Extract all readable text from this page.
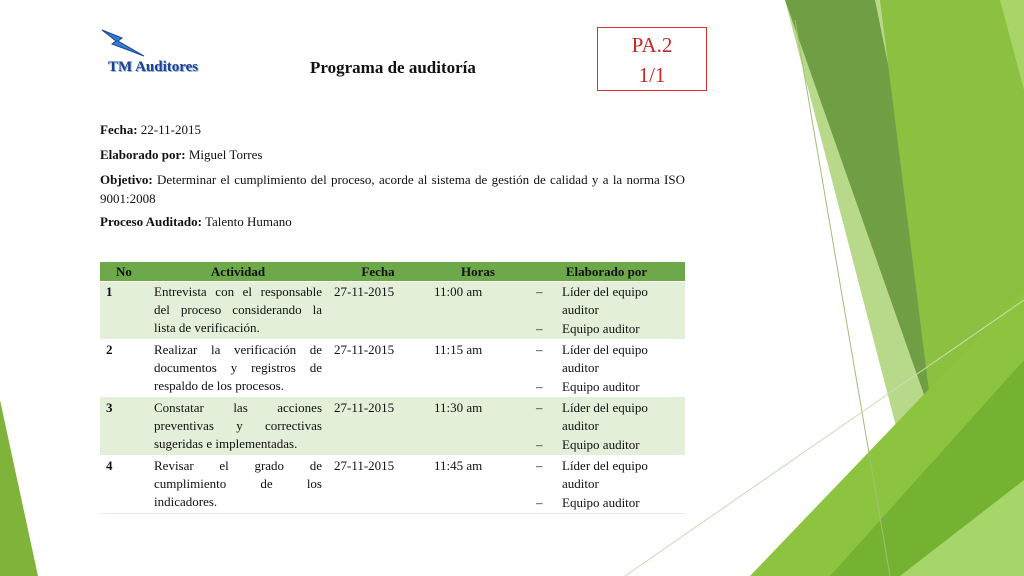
TM Auditores	Programa de auditoría
PA.2
1/1
Fecha: 22-11-2015
Elaborado por: Miguel Torres
Objetivo: Determinar el cumplimiento del proceso, acorde al sistema de gestión de calidad y a la norma ISO 9001:2008
Proceso Auditado: Talento Humano
No	Actividad	Fecha	Horas	Elaborado por
1	Entrevista con el responsable del proceso considerando la lista de verificación.	27-11-2015	11:00 am	– Líder del equipo auditor
– Equipo auditor

2	Realizar la verificación de documentos y registros de respaldo de los procesos.	27-11-2015	11:15 am	– Líder del equipo auditor
– Equipo auditor

3	Constatar las acciones preventivas y correctivas sugeridas e implementadas.	27-11-2015	11:30 am	– Líder del equipo auditor
– Equipo auditor

4	Revisar el grado de cumplimiento de los indicadores.	27-11-2015	11:45 am	– Líder del equipo auditor
– Equipo auditor
